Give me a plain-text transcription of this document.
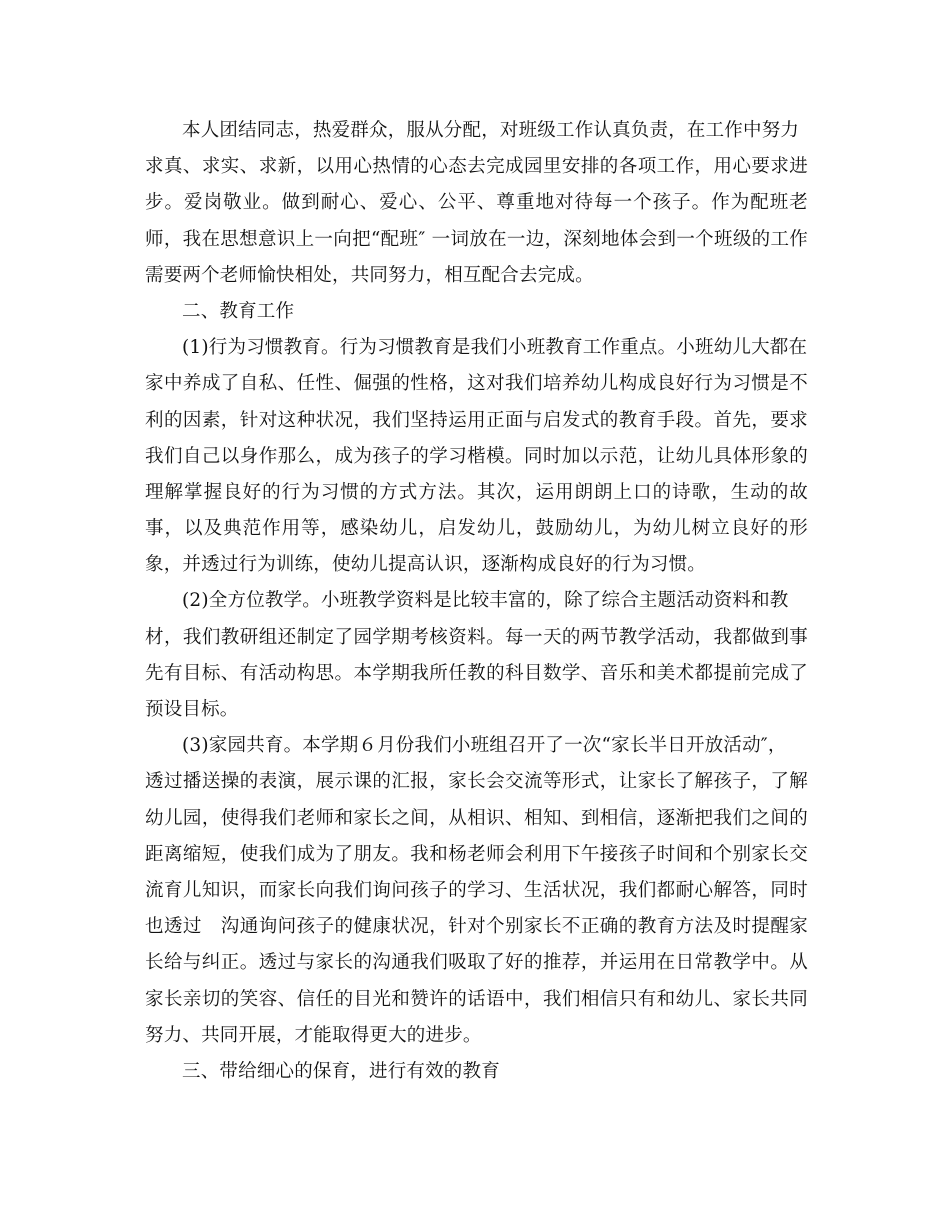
本人团结同志，热爱群众，服从分配，对班级工作认真负责，在工作中努力
求真、求实、求新，以用心热情的心态去完成园里安排的各项工作，用心要求进
步。爱岗敬业。做到耐心、爱心、公平、尊重地对待每一个孩子。作为配班老
师，我在思想意识上一向把“配班″ 一词放在一边，深刻地体会到一个班级的工作
需要两个老师愉快相处，共同努力，相互配合去完成。
二、教育工作
(1)行为习惯教育。行为习惯教育是我们小班教育工作重点。小班幼儿大都在
家中养成了自私、任性、倔强的性格，这对我们培养幼儿构成良好行为习惯是不
利的因素，针对这种状况，我们坚持运用正面与启发式的教育手段。首先，要求
我们自己以身作那么，成为孩子的学习楷模。同时加以示范，让幼儿具体形象的
理解掌握良好的行为习惯的方式方法。其次，运用朗朗上口的诗歌，生动的故
事，以及典范作用等，感染幼儿，启发幼儿，鼓励幼儿，为幼儿树立良好的形
象，并透过行为训练，使幼儿提高认识，逐渐构成良好的行为习惯。
(2)全方位教学。小班教学资料是比较丰富的，除了综合主题活动资料和教
材，我们教研组还制定了园学期考核资料。每一天的两节教学活动，我都做到事
先有目标、有活动构思。本学期我所任教的科目数学、音乐和美术都提前完成了
预设目标。
(3)家园共育。本学期６月份我们小班组召开了一次“家长半日开放活动″，
透过播送操的表演，展示课的汇报，家长会交流等形式，让家长了解孩子，了解
幼儿园，使得我们老师和家长之间，从相识、相知、到相信，逐渐把我们之间的
距离缩短，使我们成为了朋友。我和杨老师会利用下午接孩子时间和个别家长交
流育儿知识，而家长向我们询问孩子的学习、生活状况，我们都耐心解答，同时
也透过　沟通询问孩子的健康状况，针对个别家长不正确的教育方法及时提醒家
长给与纠正。透过与家长的沟通我们吸取了好的推荐，并运用在日常教学中。从
家长亲切的笑容、信任的目光和赞许的话语中，我们相信只有和幼儿、家长共同
努力、共同开展，才能取得更大的进步。
三、带给细心的保育，进行有效的教育
